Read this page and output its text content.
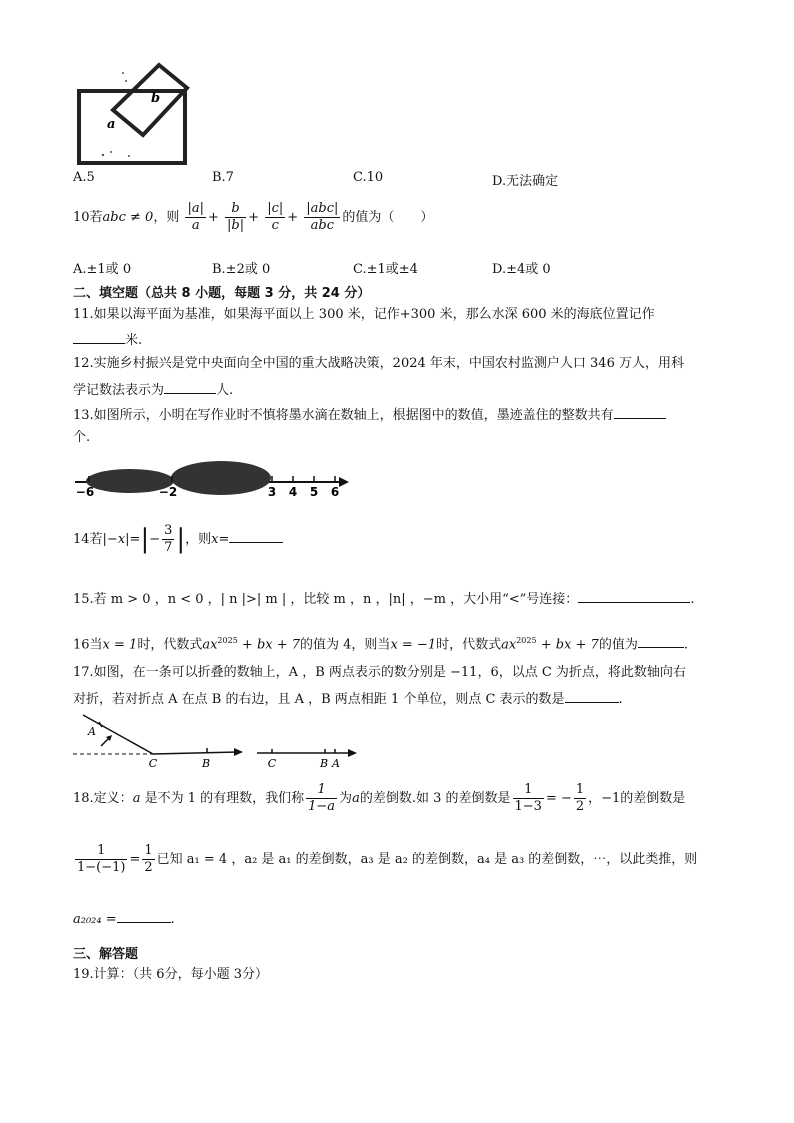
a
b
A.5	B.7	C.10	D.无法确定
10若abc ≠ 0，则 $\frac{|a|}{a} + \frac{b}{|b|} + \frac{|c|}{c} + \frac{\text{|abc|}}{\text{abc}}$ 的值为（　　）
A.±1或 0	B.±2或 0	C.±1或±4	D.±4或 0
二、填空题（总共 8 小题，每题 3 分，共 24 分）
11.如果以海平面为基准，如果海平面以上 300 米，记作+300 米，那么水深 600 米的海底位置记作
米.
12.实施乡村振兴是党中央面向全中国的重大战略决策，2024 年末，中国农村监测户人口 346 万人，用科
学记数法表示为	人.
13.如图所示，小明在写作业时不慎将墨水滴在数轴上，根据图中的数值，墨迹盖住的整数共有
个.
−6	−2	3 4 5 6
14若$|-x|=|- \frac{3}{7}$ |，则x=
15.若 m > 0 ，n < 0 ，| n |>| m | ，比较 m ，n ，|n| ，−m ，大小用“<”号连接：	.
16当x = 1时，代数式$ax^{2025}$ + bx + 7的值为 4，则当x = −1时，代数式$ax^{2025}$ + bx + 7的值为	.
17.如图，在一条可以折叠的数轴上，A ，B 两点表示的数分别是 −11，6，以点 C 为折点，将此数轴向右
对折，若对折点 A 在点 B 的右边，且 A ，B 两点相距 1 个单位，则点 C 表示的数是	.
A
C	B	C	B A
18.定义：a 是不为 1 的有理数，我们称 $\frac{1}{1-a}$ 为a的差倒数.如 3 的差倒数是 $\frac{1}{1-3}$ = − $\frac{1}{2}$ ，−1的差倒数是
$\frac{1}{1-(-1)} = \frac{1}{2}$ 已知 a₁ = 4 ，a₂ 是 a₁ 的差倒数，a₃ 是 a₂ 的差倒数，a₄ 是 a₃ 的差倒数，⋯，以此类推，则
a₂₀₂₄ =	.
三、解答题
19.计算：（共 6分，每小题 3分）
